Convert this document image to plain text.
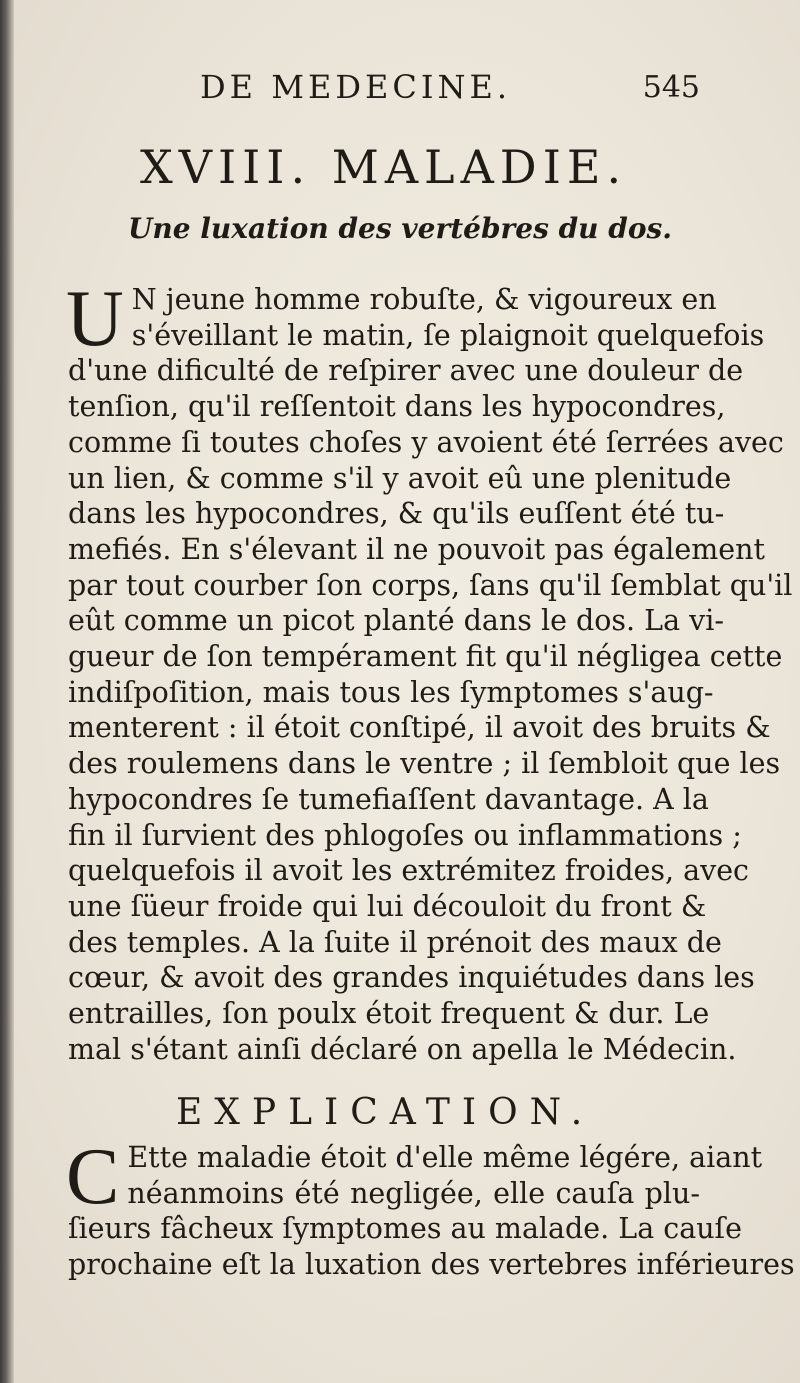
DE MEDECINE.	545
XVIII. MALADIE.
Une luxation des vertébres du dos.
U N jeune homme robuſte, & vigoureux en
s'éveillant le matin, ſe plaignoit quelquefois
d'une dificulté de reſpirer avec une douleur de
tenſion, qu'il reſſentoit dans les hypocondres,
comme ſi toutes choſes y avoient été ſerrées avec
un lien, & comme s'il y avoit eû une plenitude
dans les hypocondres, & qu'ils euſſent été tu-
mefiés. En s'élevant il ne pouvoit pas également
par tout courber ſon corps, ſans qu'il ſemblat qu'il
eût comme un picot planté dans le dos. La vi-
gueur de ſon tempérament fit qu'il négligea cette
indiſpoſition, mais tous les ſymptomes s'aug-
menterent : il étoit conſtipé, il avoit des bruits &
des roulemens dans le ventre ; il ſembloit que les
hypocondres ſe tumefiaſſent davantage. A la
fin il ſurvient des phlogoſes ou inflammations ;
quelquefois il avoit les extrémitez froides, avec
une ſüeur froide qui lui découloit du front &
des temples. A la ſuite il prénoit des maux de
cœur, & avoit des grandes inquiétudes dans les
entrailles, ſon poulx étoit frequent & dur. Le
mal s'étant ainſi déclaré on apella le Médecin.
EXPLICATION.
C Ette maladie étoit d'elle même légére, aiant
néanmoins été negligée, elle cauſa plu-
ſieurs fâcheux ſymptomes au malade. La cauſe
prochaine eſt la luxation des vertebres inférieures
